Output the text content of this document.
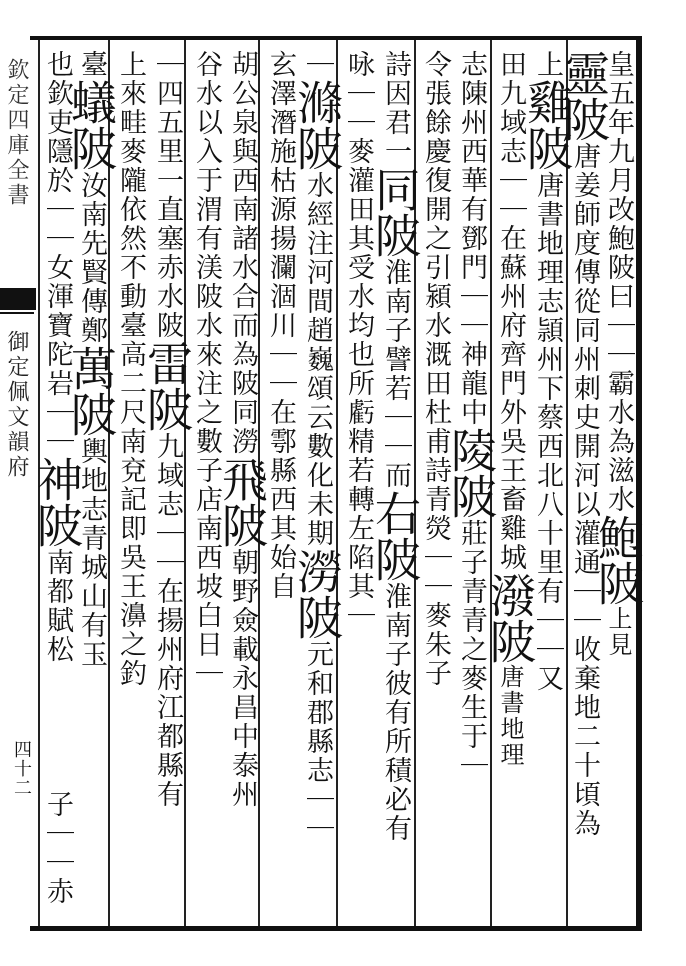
欽定四庫全書
御定佩文韻府
四十二
皇五年九月改鮑陂曰｜｜霸水為滋水鮑陂上見
靈陂唐姜師度傳從同州刺史開河以灌通｜｜收棄地二十頃為
上雞陂唐書地理志頴州下蔡西北八十里有｜｜又
田九域志｜｜在蘇州府齊門外吳王畜雞城潑陂唐書地理
志陳州西華有鄧門｜｜神龍中陵陂莊子青青之麥生于｜
令張餘慶復開之引潁水溉田杜甫詩青熒｜｜麥朱子
詩因君一同陂淮南子譬若｜｜而右陂淮南子彼有所積必有
咏｜｜麥灌田其受水均也所虧精若轉左陷其｜
｜滌陂水經注河間趙巍頌云數化未期澇陂元和郡縣志｜｜
玄澤潛施枯源揚瀾涸川｜｜在鄠縣西其始自
胡公泉與西南諸水合而為陂同澇飛陂朝野僉載永昌中泰州
谷水以入于渭有渼陂水來注之數子店南西坡白日｜
｜四五里一直塞赤水陂雷陂九域志｜｜在揚州府江都縣有
上來畦麥隴依然不動臺高二尺南兗記即吳王濞之釣
臺蟻陂汝南先賢傳鄭萬陂輿地志青城山有玉
也欽吏隱於｜｜女渾寶陀岩｜｜神陂南都賦松
子｜｜赤
